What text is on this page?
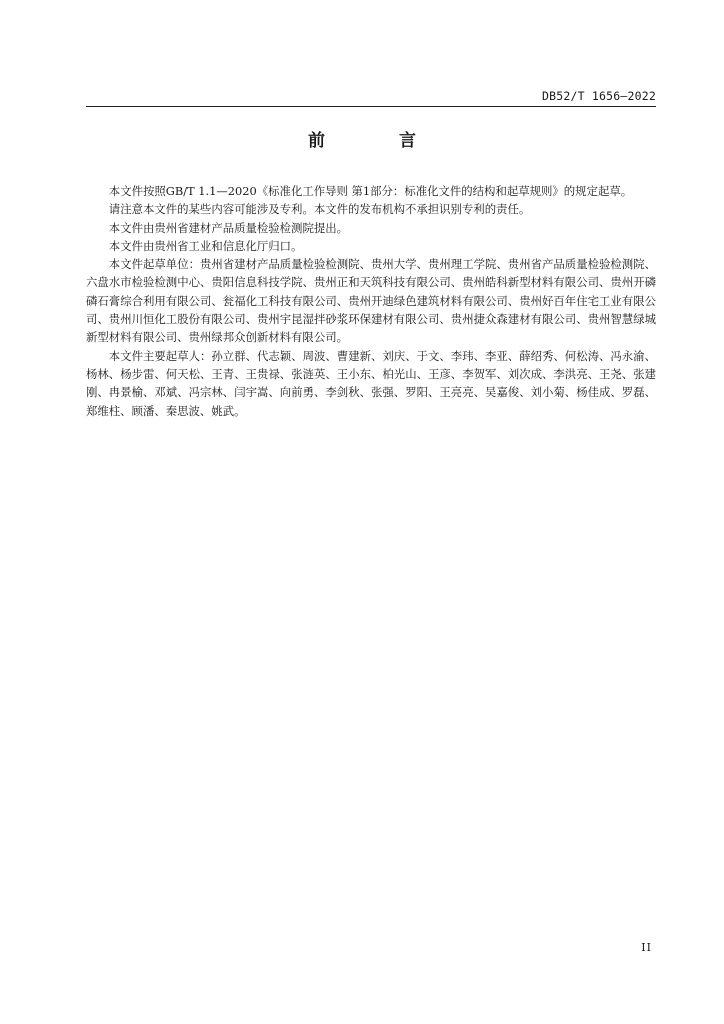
DB52/T 1656—2022
前 言

本文件按照GB/T 1.1—2020《标准化工作导则 第1部分：标准化文件的结构和起草规则》的规定起草。

请注意本文件的某些内容可能涉及专利。本文件的发布机构不承担识别专利的责任。

本文件由贵州省建材产品质量检验检测院提出。

本文件由贵州省工业和信息化厅归口。

本文件起草单位：贵州省建材产品质量检验检测院、贵州大学、贵州理工学院、贵州省产品质量检验检测院、六盘水市检验检测中心、贵阳信息科技学院、贵州正和天筑科技有限公司、贵州皓科新型材料有限公司、贵州开磷磷石膏综合利用有限公司、瓮福化工科技有限公司、贵州开迪绿色建筑材料有限公司、贵州好百年住宅工业有限公司、贵州川恒化工股份有限公司、贵州宇昆湿拌砂浆环保建材有限公司、贵州捷众森建材有限公司、贵州智慧绿城新型材料有限公司、贵州绿邦众创新材料有限公司。

本文件主要起草人：孙立群、代志颖、周波、曹建新、刘庆、于文、李玮、李亚、薛绍秀、何松涛、冯永渝、杨林、杨步雷、何天松、王青、王贵禄、张涟英、王小东、柏光山、王彦、李贺军、刘次成、李洪亮、王尧、张建刚、冉景榆、邓斌、冯宗林、闫宇嵩、向前勇、李剑秋、张强、罗阳、王亮亮、吴嘉俊、刘小菊、杨佳成、罗磊、郑维柱、顾潘、秦思波、姚武。

II
